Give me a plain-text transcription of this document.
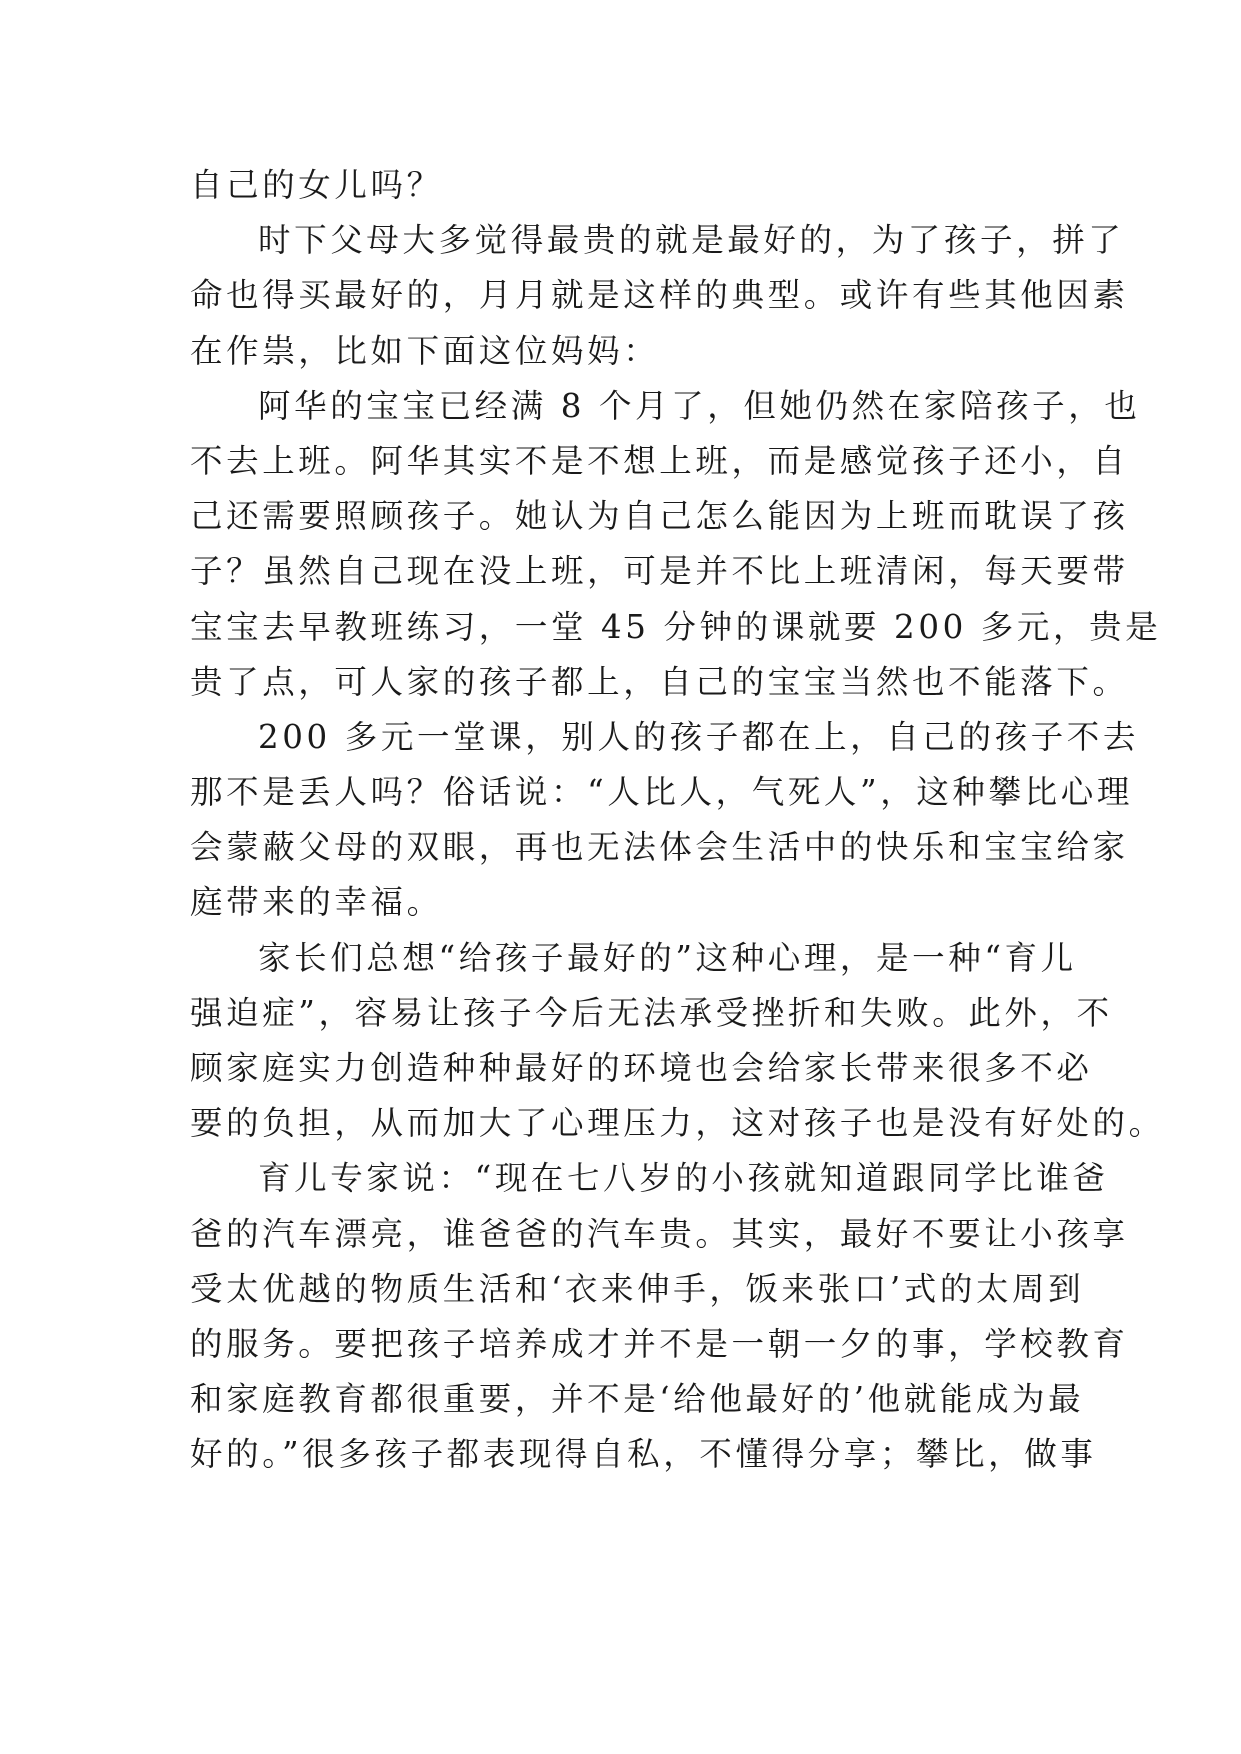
自己的女儿吗？
时下父母大多觉得最贵的就是最好的，为了孩子，拼了
命也得买最好的，月月就是这样的典型。或许有些其他因素
在作祟，比如下面这位妈妈：
阿华的宝宝已经满 8 个月了，但她仍然在家陪孩子，也
不去上班。阿华其实不是不想上班，而是感觉孩子还小，自
己还需要照顾孩子。她认为自己怎么能因为上班而耽误了孩
子？虽然自己现在没上班，可是并不比上班清闲，每天要带
宝宝去早教班练习，一堂 45 分钟的课就要 200 多元，贵是
贵了点，可人家的孩子都上，自己的宝宝当然也不能落下。
200 多元一堂课，别人的孩子都在上，自己的孩子不去
那不是丢人吗？俗话说：“人比人，气死人”，这种攀比心理
会蒙蔽父母的双眼，再也无法体会生活中的快乐和宝宝给家
庭带来的幸福。
家长们总想“给孩子最好的”这种心理，是一种“育儿
强迫症”，容易让孩子今后无法承受挫折和失败。此外，不
顾家庭实力创造种种最好的环境也会给家长带来很多不必
要的负担，从而加大了心理压力，这对孩子也是没有好处的。
育儿专家说：“现在七八岁的小孩就知道跟同学比谁爸
爸的汽车漂亮，谁爸爸的汽车贵。其实，最好不要让小孩享
受太优越的物质生活和‘衣来伸手，饭来张口’式的太周到
的服务。要把孩子培养成才并不是一朝一夕的事，学校教育
和家庭教育都很重要，并不是‘给他最好的’他就能成为最
好的。”很多孩子都表现得自私，不懂得分享；攀比，做事
